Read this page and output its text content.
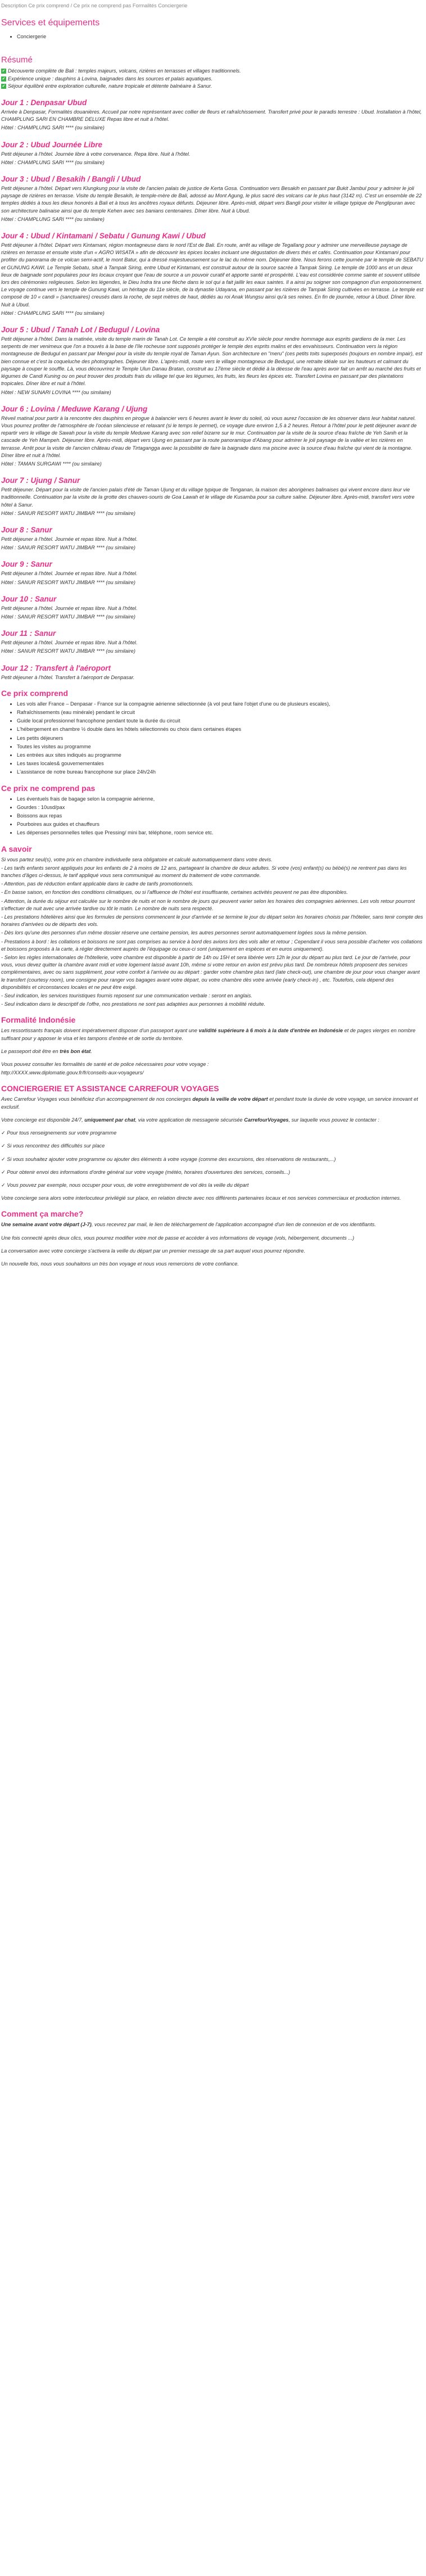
Description Ce prix comprend / Ce prix ne comprend pas Formalités Conciergerie
Services et équipements
• Conciergerie
Résumé
✔ Découverte complète de Bali : temples majeurs, volcans, rizières en terrasses et villages traditionnels.
✔ Expérience unique : dauphins à Lovina, baignades dans les sources et palais aquatiques.
✔ Séjour équilibré entre exploration culturelle, nature tropicale et détente balnéaire à Sanur.
Jour 1 : Denpasar Ubud

Arrivée à Denpasar, Formalités douanières. Accueil par notre représentant avec collier de fleurs et rafraîchissement. Transfert privé pour le paradis terrestre : Ubud. Installation à l'hôtel, CHAMPLUNG SARI EN CHAMBRE DELUXE Repas libre et nuit à l'hôtel.

Hôtel : CHAMPLUNG SARI **** (ou similaire)

Jour 2 : Ubud Journée Libre

Petit déjeuner à l'hôtel. Journée libre à votre convenance. Repa libre. Nuit à l'hôtel.

Hôtel : CHAMPLUNG SARI **** (ou similaire)

Jour 3 : Ubud / Besakih / Bangli / Ubud

Petit déjeuner à l'hôtel. Départ vers Klungkung pour la visite de l'ancien palais de justice de Kerta Gosa. Continuation vers Besakih en passant par Bukit Jambul pour y admirer le joli paysage de rizières en terrasse. Visite du temple Besakih, le temple-mère de Bali, adossé au Mont Agung, le plus sacré des volcans car le plus haut (3142 m). C'est un ensemble de 22 temples dédiés à tous les dieux honorés à Bali et à tous les ancêtres royaux défunts. Déjeuner libre. Après-midi, départ vers Bangli pour visiter le village typique de Penglipuran avec son architecture balinaise ainsi que du temple Kehen avec ses banians centenaires. Dîner libre. Nuit à Ubud.

Hôtel : CHAMPLUNG SARI **** (ou similaire)

Jour 4 : Ubud / Kintamani / Sebatu / Gunung Kawi / Ubud

Petit déjeuner à l'hôtel. Départ vers Kintamani, région montagneuse dans le nord l'Est de Bali. En route, arrêt au village de Tegallang pour y admirer une merveilleuse paysage de rizières en terrasse et ensuite visite d'un « AGRO WISATA » afin de découvrir les épices locales incluant une dégustation de divers thés et cafés. Continuation pour Kintamani pour profiter du panorama de ce volcan semi-actif, le mont Batur, qui a dressé majestueusement sur le lac du même nom. Déjeuner libre. Nous ferons cette journée par le temple de SEBATU et GUNUNG KAWI. Le Temple Sebatu, situé à Tampak Siring, entre Ubud et Kintamani, est construit autour de la source sacrée à Tampak Siring. Le temple de 1000 ans et un deux lieux de baignade sont populaires pour les locaux croyant que l'eau de source a un pouvoir curatif et apporte santé et prospérité. L'eau est considérée comme sainte et souvent utilisée lors des cérémonies religieuses. Selon les légendes, le Dieu Indra tira une flèche dans le sol qui a fait jaillir les eaux saintes. Il a ainsi pu soigner son compagnon d'un empoisonnement. Le voyage continue vers le temple de Gunung Kawi, un héritage du 11e siècle, de la dynastie Udayana, en passant par les rizières de Tampak Siring cultivées en terrasse. Le temple est composé de 10 « candi » (sanctuaires) creusés dans la roche, de sept mètres de haut, dédiés au roi Anak Wungsu ainsi qu'à ses reines. En fin de journée, retour à Ubud. Dîner libre. Nuit à Ubud.

Hôtel : CHAMPLUNG SARI **** (ou similaire)

Jour 5 : Ubud / Tanah Lot / Bedugul / Lovina

Petit déjeuner à l'hôtel. Dans la matinée, visite du temple marin de Tanah Lot. Ce temple a été construit au XVIe siècle pour rendre hommage aux esprits gardiens de la mer. Les serpents de mer venimeux que l'on a trouvés à la base de l'île rocheuse sont supposés protéger le temple des esprits malins et des envahisseurs. Continuation vers la région montagneuse de Bedugul en passant par Mengwi pour la visite du temple royal de Taman Ayun. Son architecture en "meru" (ces petits toits superposés (toujours en nombre impair), est bien connue et c'est la coqueluche des photographes. Déjeuner libre. L'après-midi, route vers le village montagneux de Bedugul, une retraite idéale sur les hauteurs et calmant du paysage à couper le souffle. Là, vous découvrirez le Temple Ulun Danau Bratan, construit au 17ème siècle et dédié à la déesse de l'eau après avoir fait un arrêt au marché des fruits et légumes de Candi Kuning ou on peut trouver des produits frais du village tel que les légumes, les fruits, les fleurs les épices etc. Transfert Lovina en passant par des plantations tropicales. Dîner libre et nuit à l'hôtel.

Hôtel : NEW SUNARI LOVINA **** (ou similaire)

Jour 6 : Lovina / Meduwe Karang / Ujung

Réveil matinal pour partir à la rencontre des dauphins en pirogue à balancier vers 6 heures avant le lever du soleil, où vous aurez l'occasion de les observer dans leur habitat naturel. Vous pourrez profiter de l'atmosphère de l'océan silencieuse et relaxant (si le temps le permet), ce voyage dure environ 1,5 à 2 heures. Retour à l'hôtel pour le petit déjeuner avant de repartir vers le village de Sawah pour la visite du temple Meduwe Karang avec son relief bizarre sur le mur. Continuation par la visite de la source d'eau fraîche de Yeh Sanih et la cascade de Yeh Mampeh. Déjeuner libre. Après-midi, départ vers Ujung en passant par la route panoramique d'Abang pour admirer le joli paysage de la vallée et les rizières en terrasse. Arrêt pour la visite de l'ancien château d'eau de Tirtagangga avec la possibilité de faire la baignade dans ma piscine avec la source d'eau fraîche qui vient de la montagne. Dîner libre et nuit à l'hôtel.

Hôtel : TAMAN SURGAWI **** (ou similaire)

Jour 7 : Ujung / Sanur

Petit déjeuner. Départ pour la visite de l'ancien palais d'été de Taman Ujung et du village typique de Tenganan, la maison des aborigènes balinaises qui vivent encore dans leur vie traditionnelle. Continuation par la visite de la grotte des chauves-souris de Goa Lawah et le village de Kusamba pour sa culture saline. Déjeuner libre. Après-midi, transfert vers votre hôtel à Sanur.

Hôtel : SANUR RESORT WATU JIMBAR **** (ou similaire)

Jour 8 : Sanur

Petit déjeuner à l'hôtel. Journée et repas libre. Nuit à l'hôtel.

Hôtel : SANUR RESORT WATU JIMBAR **** (ou similaire)

Jour 9 : Sanur

Petit déjeuner à l'hôtel. Journée et repas libre. Nuit à l'hôtel.

Hôtel : SANUR RESORT WATU JIMBAR **** (ou similaire)

Jour 10 : Sanur

Petit déjeuner à l'hôtel. Journée et repas libre. Nuit à l'hôtel.

Hôtel : SANUR RESORT WATU JIMBAR **** (ou similaire)

Jour 11 : Sanur

Petit déjeuner à l'hôtel. Journée et repas libre. Nuit à l'hôtel.

Hôtel : SANUR RESORT WATU JIMBAR **** (ou similaire)

Jour 12 : Transfert à l'aéroport

Petit déjeuner à l'hôtel. Transfert à l'aéroport de Denpasar.

Ce prix comprend
• Les vols aller France – Denpasar - France sur la compagnie aérienne sélectionnée (à vol peut faire l'objet d'une ou de plusieurs escales),
• Rafraîchissements (eau minérale) pendant le circuit
• Guide local professionnel francophone pendant toute la durée du circuit
• L'hébergement en chambre ½ double dans les hôtels sélectionnés ou choix dans certaines étapes
• Les petits déjeuners
• Toutes les visites au programme
• Les entrées aux sites indiqués au programme
• Les taxes locales& gouvernementales
• L'assistance de notre bureau francophone sur place 24h/24h
Ce prix ne comprend pas
• Les éventuels frais de bagage selon la compagnie aérienne,
• Gourdes : 10usd/pax
• Boissons aux repas
• Pourboires aux guides et chauffeurs
• Les dépenses personnelles telles que Pressing/ mini bar, téléphone, room service etc.
A savoir

Si vous partez seul(s), votre prix en chambre individuelle sera obligatoire et calculé automatiquement dans votre devis.

- Les tarifs enfants seront appliqués pour les enfants de 2 à moins de 12 ans, partageant la chambre de deux adultes. Si votre (vos) enfant(s) ou bébé(s) ne rentrent pas dans les tranches d'âges ci-dessus, le tarif appliqué vous sera communiqué au moment du traitement de votre commande.

- Attention, pas de réduction enfant applicable dans le cadre de tarifs promotionnels.

- En basse saison, en fonction des conditions climatiques, ou si l'affluence de l'hôtel est insuffisante, certaines activités peuvent ne pas être disponibles.

- Attention, la durée du séjour est calculée sur le nombre de nuits et non le nombre de jours qui peuvent varier selon les horaires des compagnies aériennes. Les vols retour pourront s'effectuer de nuit avec une arrivée tardive ou tôt le matin. Le nombre de nuits sera respecté.

- Les prestations hôtelières ainsi que les formules de pensions commencent le jour d'arrivée et se termine le jour du départ selon les horaires choisis par l'hôtelier, sans tenir compte des horaires d'arrivées ou de départs des vols.

- Dès lors qu'une des personnes d'un même dossier réserve une certaine pension, les autres personnes seront automatiquement logées sous la même pension.

- Prestations à bord : les collations et boissons ne sont pas comprises au service à bord des avions lors des vols aller et retour ; Cependant il vous sera possible d'acheter vos collations et boissons proposés à la carte, à régler directement auprès de l'équipage ou ceux-ci sont (uniquement en espèces et en euros uniquement).

- Selon les règles internationales de l'hôtellerie, votre chambre est disponible à partir de 14h ou 15H et sera libérée vers 12h le jour du départ au plus tard. Le jour de l'arrivée, pour vous, vous devez quitter la chambre avant midi et votre logement laissé avant 10h, même si votre retour en avion est prévu plus tard. De nombreux hôtels proposent des services complémentaires, avec ou sans supplément, pour votre confort à l'arrivée ou au départ : garder votre chambre plus tard (late check-out), une chambre de jour pour vous changer avant le transfert (courtesy room), une consigne pour ranger vos bagages avant votre départ, ou votre chambre dès votre arrivée (early check-in) , etc. Toutefois, cela dépend des disponibilités et circonstances locales et ne peut être exigé.

- Seul indication, les services touristiques fournis reposent sur une communication verbale : seront en anglais.

- Seul indication dans le descriptif de l'offre, nos prestations ne sont pas adaptées aux personnes à mobilité réduite.

Formalité Indonésie

Les ressortissants français doivent impérativement disposer d'un passeport ayant une validité supérieure à 6 mois à la date d'entrée en Indonésie et de pages vierges en nombre suffisant pour y apposer le visa et les tampons d'entrée et de sortie du territoire.

Le passeport doit être en très bon état.

Vous pouvez consulter les formalités de santé et de police nécessaires pour votre voyage :

http://XXXX.www.diplomatie.gouv.fr/fr/conseils-aux-voyageurs/

CONCIERGERIE ET ASSISTANCE CARREFOUR VOYAGES

Avec Carrefour Voyages vous bénéficiez d'un accompagnement de nos concierges depuis la veille de votre départ et pendant toute la durée de votre voyage, un service innovant et exclusif.

Votre concierge est disponible 24/7, uniquement par chat, via votre application de messagerie sécurisée CarrefourVoyages, sur laquelle vous pouvez le contacter :

✓ Pour tous renseignements sur votre programme

✓ Si vous rencontrez des difficultés sur place

✓ Si vous souhaitez ajouter votre programme ou ajouter des éléments à votre voyage (comme des excursions, des réservations de restaurants,...)

✓ Pour obtenir envoi des informations d'ordre général sur votre voyage (météo, horaires d'ouvertures des services, conseils...)

✓ Vous pouvez par exemple, nous occuper pour vous, de votre enregistrement de vol dès la veille du départ

Votre concierge sera alors votre interlocuteur privilégié sur place, en relation directe avec nos différents partenaires locaux et nos services commerciaux et production internes.

Comment ça marche?

Une semaine avant votre départ (J-7), vous recevrez par mail, le lien de téléchargement de l'application accompagné d'un lien de connexion et de vos identifiants.

Une fois connecté après deux clics, vous pourrez modifier votre mot de passe et accéder à vos informations de voyage (vols, hébergement, documents ...)

La conversation avec votre concierge s'activera la veille du départ par un premier message de sa part auquel vous pourrez répondre.

Un nouvelle fois, nous vous souhaitons un très bon voyage et nous vous remercions de votre confiance.
